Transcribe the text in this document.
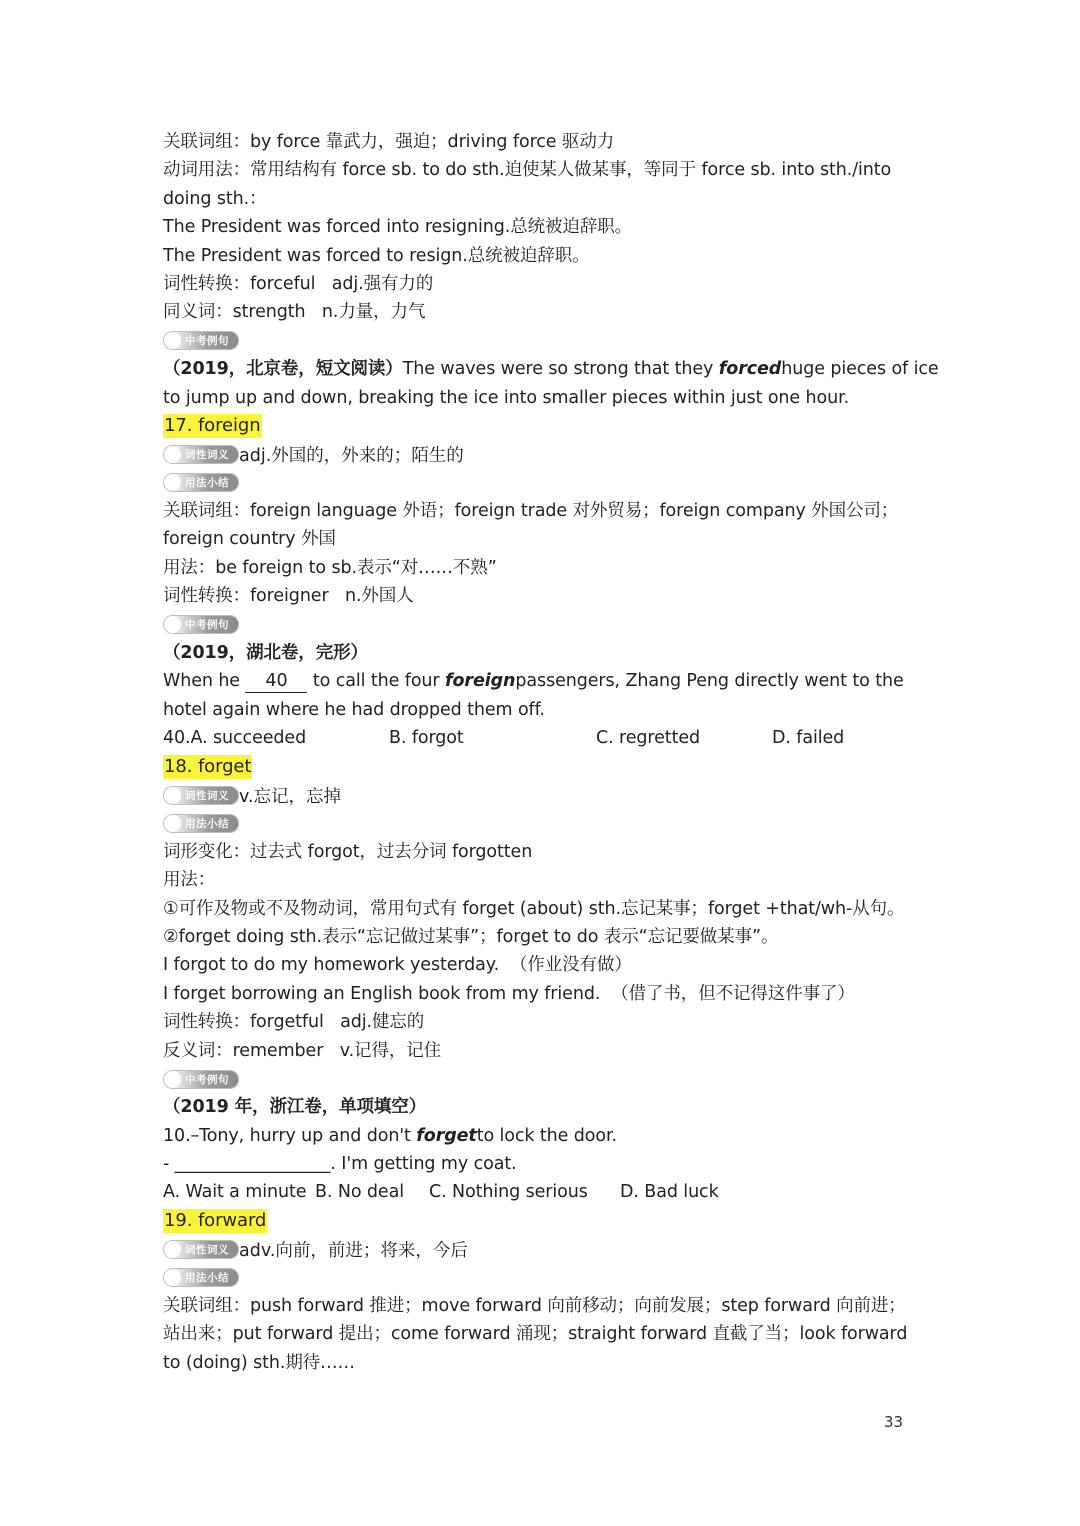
关联词组：by force 靠武力，强迫；driving force 驱动力
动词用法：常用结构有 force sb. to do sth.迫使某人做某事，等同于 force sb. into sth./into
doing sth.：
The President was forced into resigning.总统被迫辞职。
The President was forced to resign.总统被迫辞职。
词性转换：forceful   adj.强有力的
同义词：strength   n.力量，力气
中考例句
（2019，北京卷，短文阅读）The waves were so strong that they forcedhuge pieces of ice
to jump up and down, breaking the ice into smaller pieces within just one hour.
17. foreign
词性词义 adj.外国的，外来的；陌生的
用法小结
关联词组：foreign language 外语；foreign trade 对外贸易；foreign company 外国公司；
foreign country 外国
用法：be foreign to sb.表示“对……不熟”
词性转换：foreigner   n.外国人
中考例句
（2019，湖北卷，完形）
When he 40 to call the four foreignpassengers, Zhang Peng directly went to the
hotel again where he had dropped them off.
40.A. succeeded	B. forgot	C. regretted	D. failed
18. forget
词性词义 v.忘记，忘掉
用法小结
词形变化：过去式 forgot，过去分词 forgotten
用法：
①可作及物或不及物动词，常用句式有 forget (about) sth.忘记某事；forget +that/wh-从句。
②forget doing sth.表示“忘记做过某事”；forget to do 表示“忘记要做某事”。
I forgot to do my homework yesterday.  （作业没有做）
I forget borrowing an English book from my friend.  （借了书，但不记得这件事了）
词性转换：forgetful   adj.健忘的
反义词：remember   v.记得，记住
中考例句
（2019 年，浙江卷，单项填空）
10.–Tony, hurry up and don't forgetto lock the door.
- __________________. I'm getting my coat.
A. Wait a minute B. No deal C. Nothing serious D. Bad luck
19. forward
词性词义 adv.向前，前进；将来，今后
用法小结
关联词组：push forward 推进；move forward 向前移动；向前发展；step forward 向前进；
站出来；put forward 提出；come forward 涌现；straight forward 直截了当；look forward
to (doing) sth.期待……
33
